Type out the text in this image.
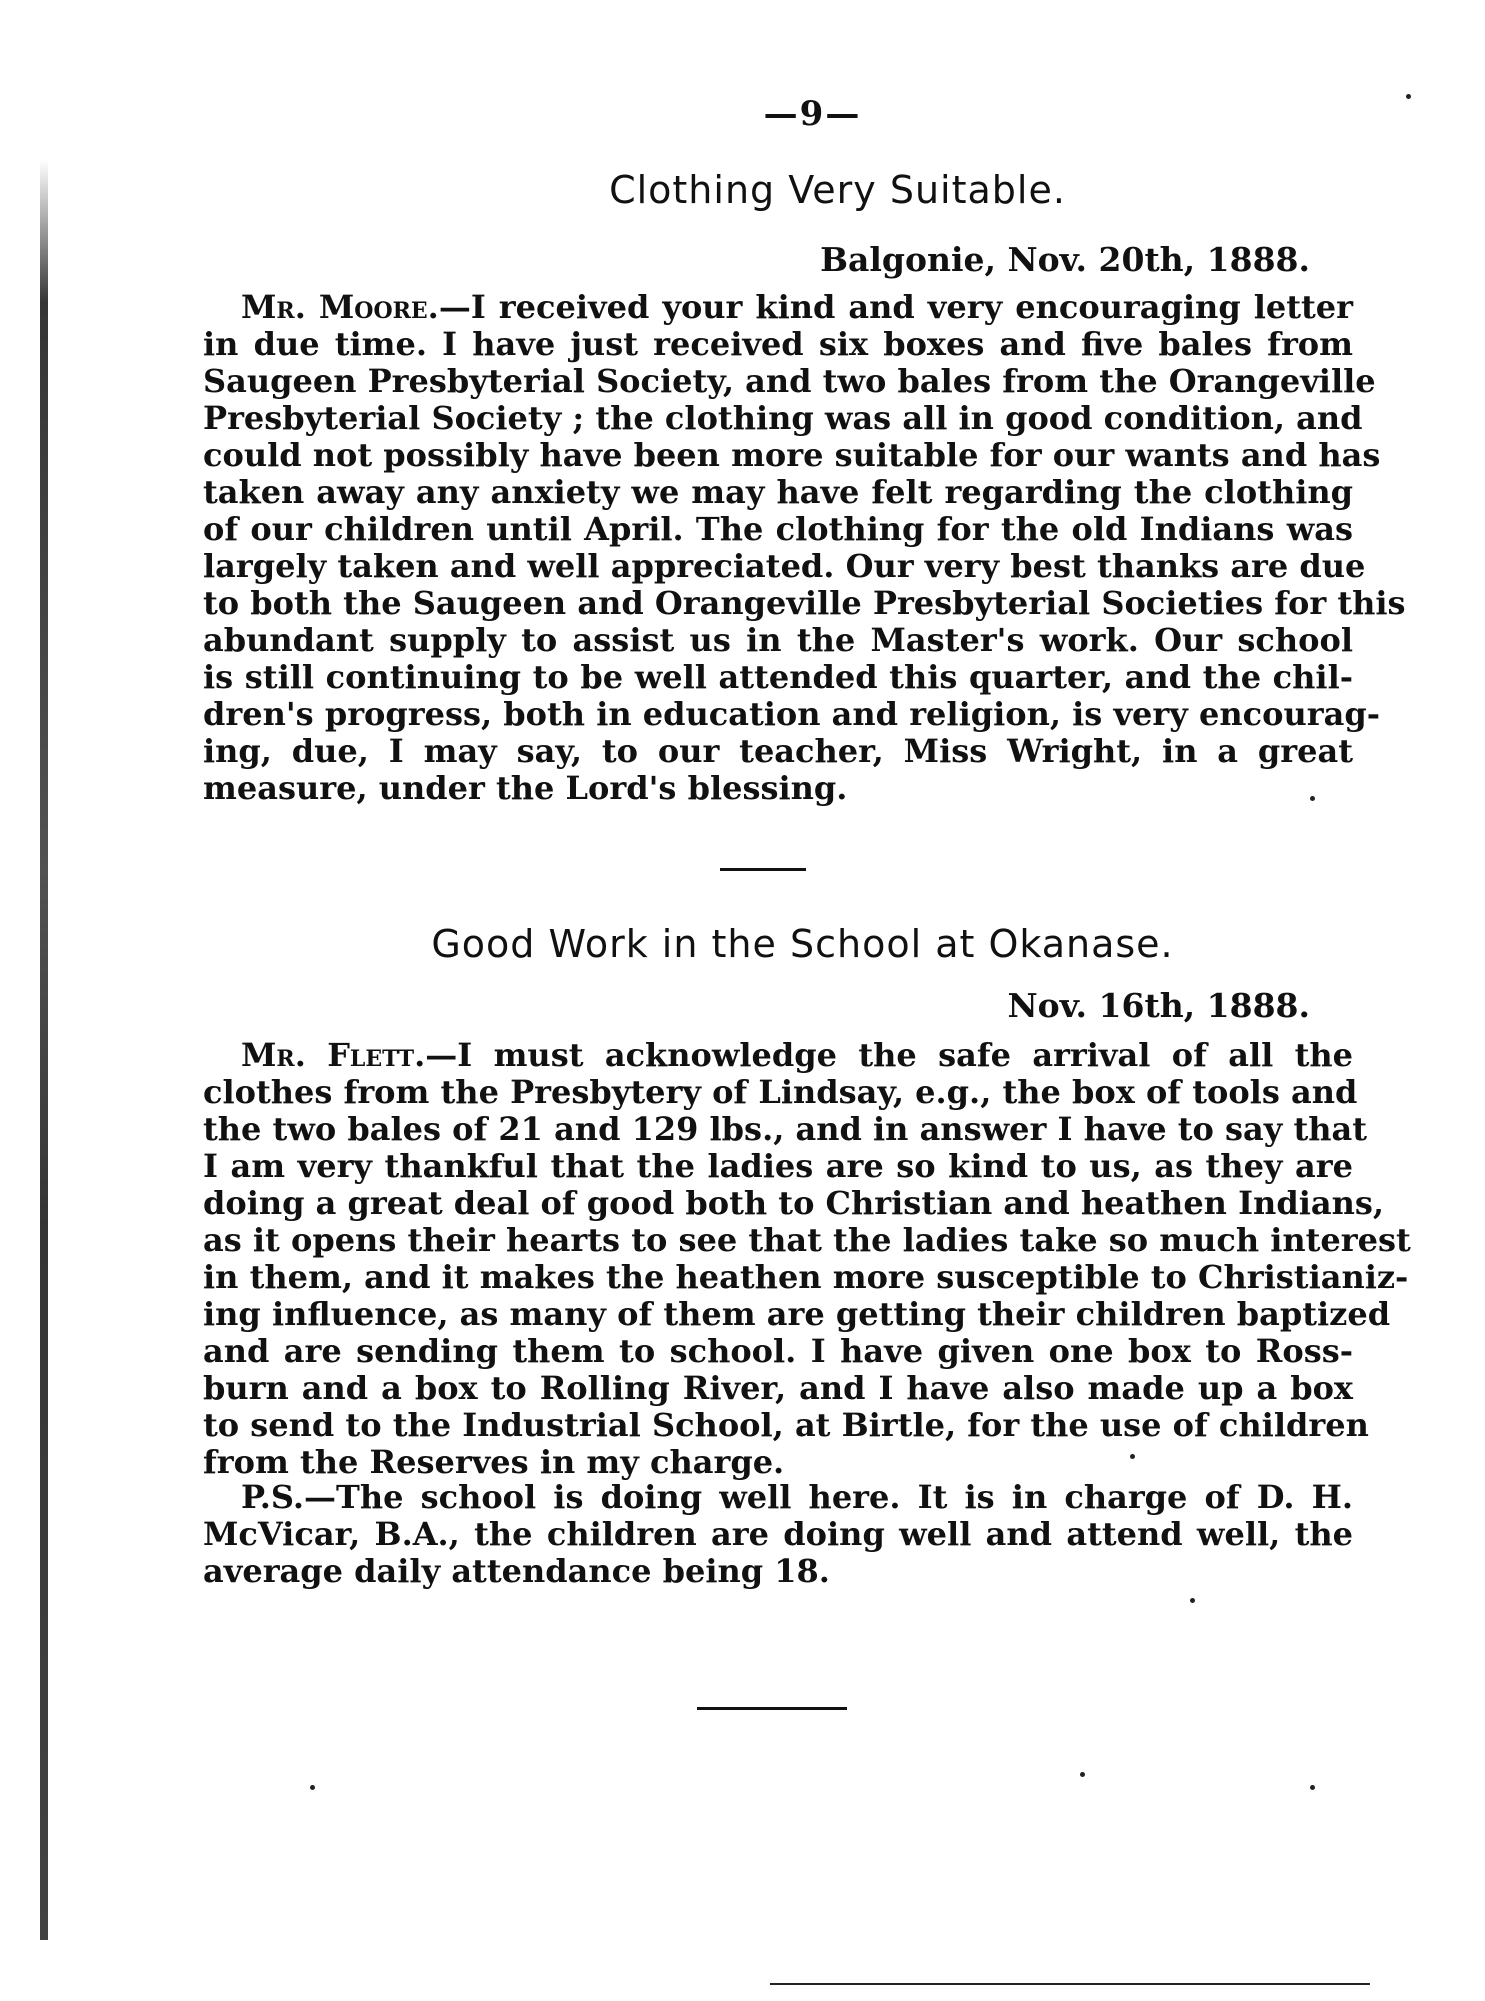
—9—
Clothing Very Suitable.
Balgonie, Nov. 20th, 1888.
Mr. Moore.—I received your kind and very encouraging letter
in due time. I have just received six boxes and five bales from
Saugeen Presbyterial Society, and two bales from the Orangeville
Presbyterial Society ; the clothing was all in good condition, and
could not possibly have been more suitable for our wants and has
taken away any anxiety we may have felt regarding the clothing
of our children until April. The clothing for the old Indians was
largely taken and well appreciated. Our very best thanks are due
to both the Saugeen and Orangeville Presbyterial Societies for this
abundant supply to assist us in the Master's work. Our school
is still continuing to be well attended this quarter, and the chil-
dren's progress, both in education and religion, is very encourag-
ing, due, I may say, to our teacher, Miss Wright, in a great
measure, under the Lord's blessing.
Good Work in the School at Okanase.
Nov. 16th, 1888.
Mr. Flett.—I must acknowledge the safe arrival of all the
clothes from the Presbytery of Lindsay, e.g., the box of tools and
the two bales of 21 and 129 lbs., and in answer I have to say that
I am very thankful that the ladies are so kind to us, as they are
doing a great deal of good both to Christian and heathen Indians,
as it opens their hearts to see that the ladies take so much interest
in them, and it makes the heathen more susceptible to Christianiz-
ing influence, as many of them are getting their children baptized
and are sending them to school. I have given one box to Ross-
burn and a box to Rolling River, and I have also made up a box
to send to the Industrial School, at Birtle, for the use of children
from the Reserves in my charge.
P.S.—The school is doing well here. It is in charge of D. H.
McVicar, B.A., the children are doing well and attend well, the
average daily attendance being 18.
